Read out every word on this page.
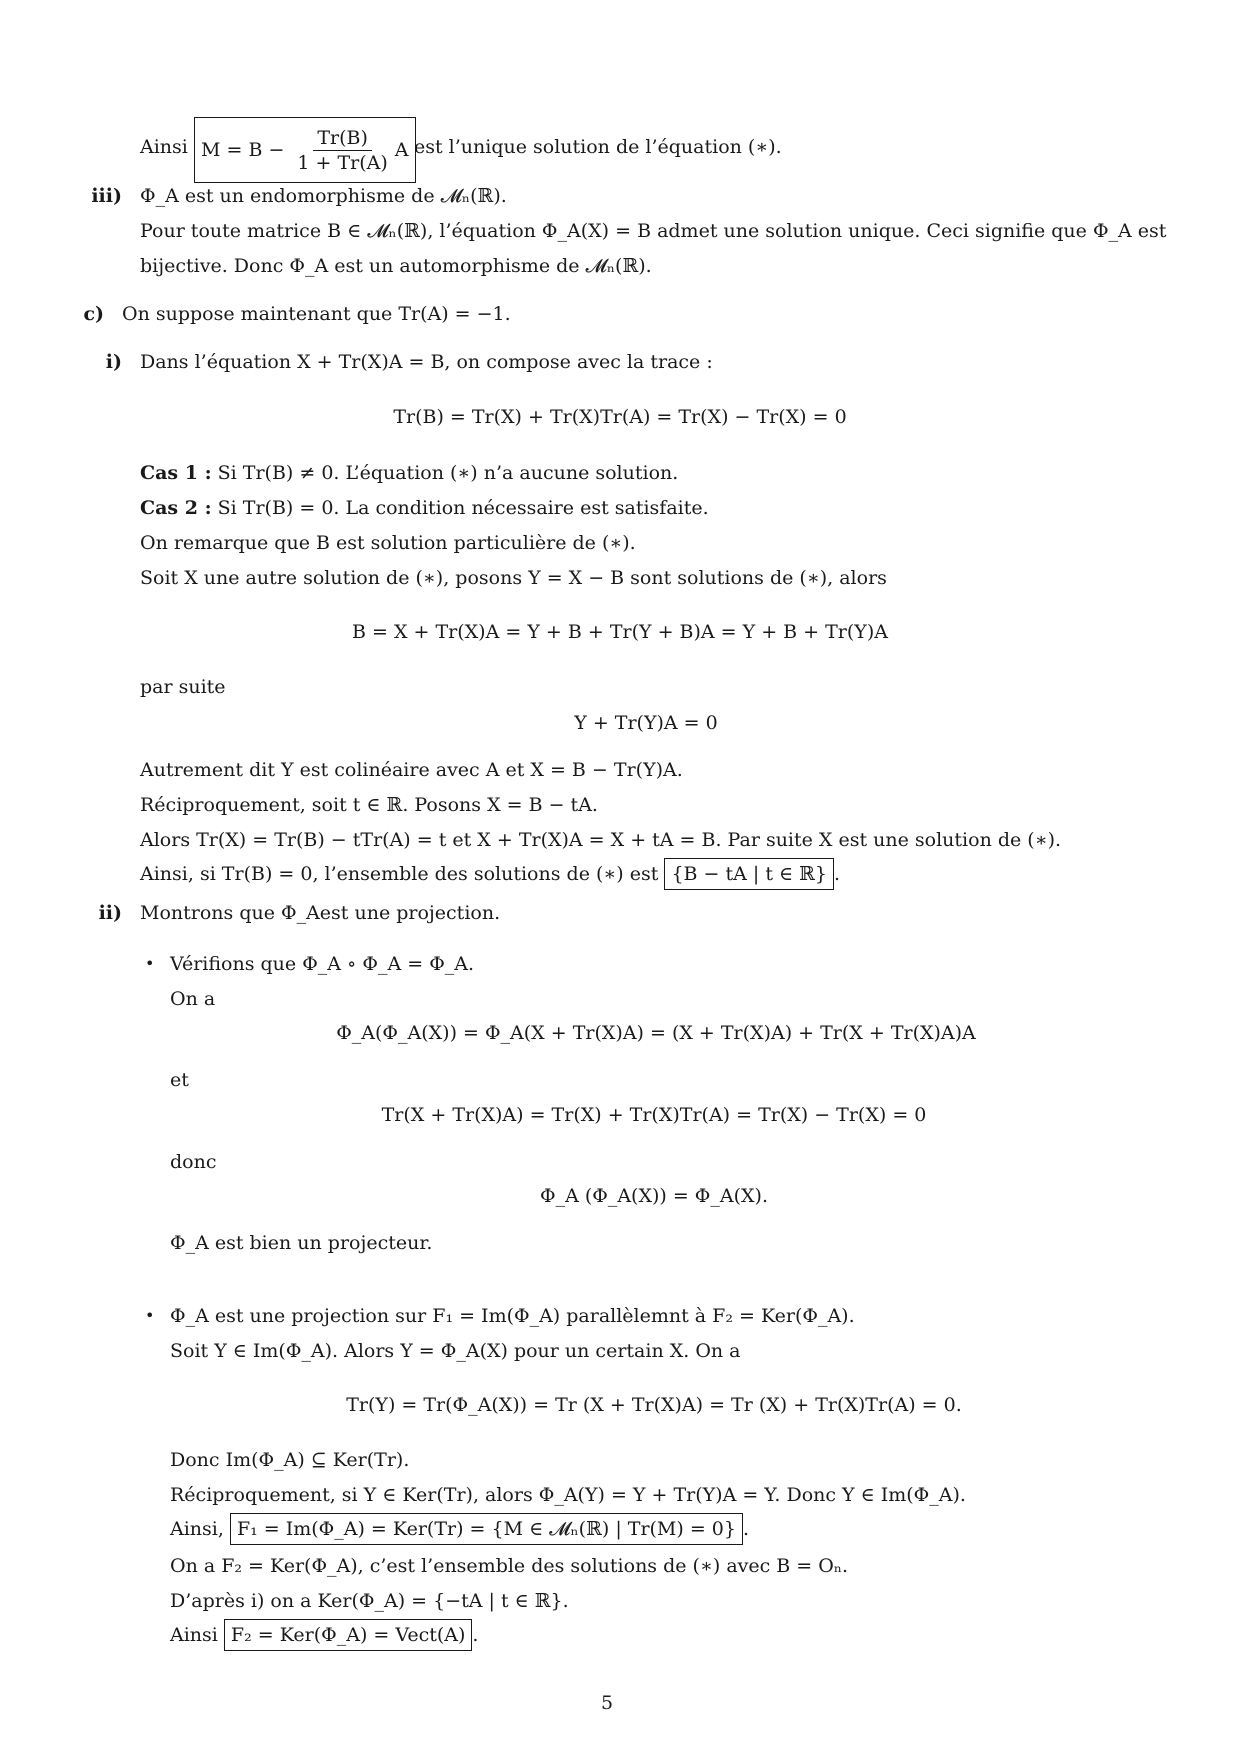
Ainsi $M = B - \frac{Tr(B)}{1 + Tr(A)}$ A est l’unique solution de l’équation (∗).
iii) Φ_A est un endomorphisme de 𝓜ₙ(ℝ).
Pour toute matrice B ∈ 𝓜ₙ(ℝ), l’équation Φ_A(X) = B admet une solution unique. Ceci signifie que Φ_A est
bijective. Donc Φ_A est un automorphisme de 𝓜ₙ(ℝ).
c) On suppose maintenant que Tr(A) = −1.
i) Dans l’équation X + Tr(X)A = B, on compose avec la trace :
Tr(B) = Tr(X) + Tr(X)Tr(A) = Tr(X) − Tr(X) = 0
Cas 1 : Si Tr(B) ≠ 0. L’équation (∗) n’a aucune solution.
Cas 2 : Si Tr(B) = 0. La condition nécessaire est satisfaite.
On remarque que B est solution particulière de (∗).
Soit X une autre solution de (∗), posons Y = X − B sont solutions de (∗), alors
B = X + Tr(X)A = Y + B + Tr(Y + B)A = Y + B + Tr(Y)A
par suite
Y + Tr(Y)A = 0
Autrement dit Y est colinéaire avec A et X = B − Tr(Y)A.
Réciproquement, soit t ∈ ℝ. Posons X = B − tA.
Alors Tr(X) = Tr(B) − tTr(A) = t et X + Tr(X)A = X + tA = B. Par suite X est une solution de (∗).
Ainsi, si Tr(B) = 0, l’ensemble des solutions de (∗) est {B − tA | t ∈ ℝ} .
ii) Montrons que Φ_Aest une projection.
• Vérifions que Φ_A ∘ Φ_A = Φ_A.
On a
Φ_A(Φ_A(X)) = Φ_A(X + Tr(X)A) = (X + Tr(X)A) + Tr(X + Tr(X)A)A
et
Tr(X + Tr(X)A) = Tr(X) + Tr(X)Tr(A) = Tr(X) − Tr(X) = 0
donc
Φ_A (Φ_A(X)) = Φ_A(X).
Φ_A est bien un projecteur.
• Φ_A est une projection sur F₁ = Im(Φ_A) parallèlemnt à F₂ = Ker(Φ_A).
Soit Y ∈ Im(Φ_A). Alors Y = Φ_A(X) pour un certain X. On a
Tr(Y) = Tr(Φ_A(X)) = Tr (X + Tr(X)A) = Tr (X) + Tr(X)Tr(A) = 0.
Donc Im(Φ_A) ⊆ Ker(Tr).
Réciproquement, si Y ∈ Ker(Tr), alors Φ_A(Y) = Y + Tr(Y)A = Y. Donc Y ∈ Im(Φ_A).
Ainsi, F₁ = Im(Φ_A) = Ker(Tr) = {M ∈ 𝓜ₙ(ℝ) | Tr(M) = 0} .
On a F₂ = Ker(Φ_A), c’est l’ensemble des solutions de (∗) avec B = Oₙ.
D’après i) on a Ker(Φ_A) = {−tA | t ∈ ℝ}.
Ainsi F₂ = Ker(Φ_A) = Vect(A) .
5
